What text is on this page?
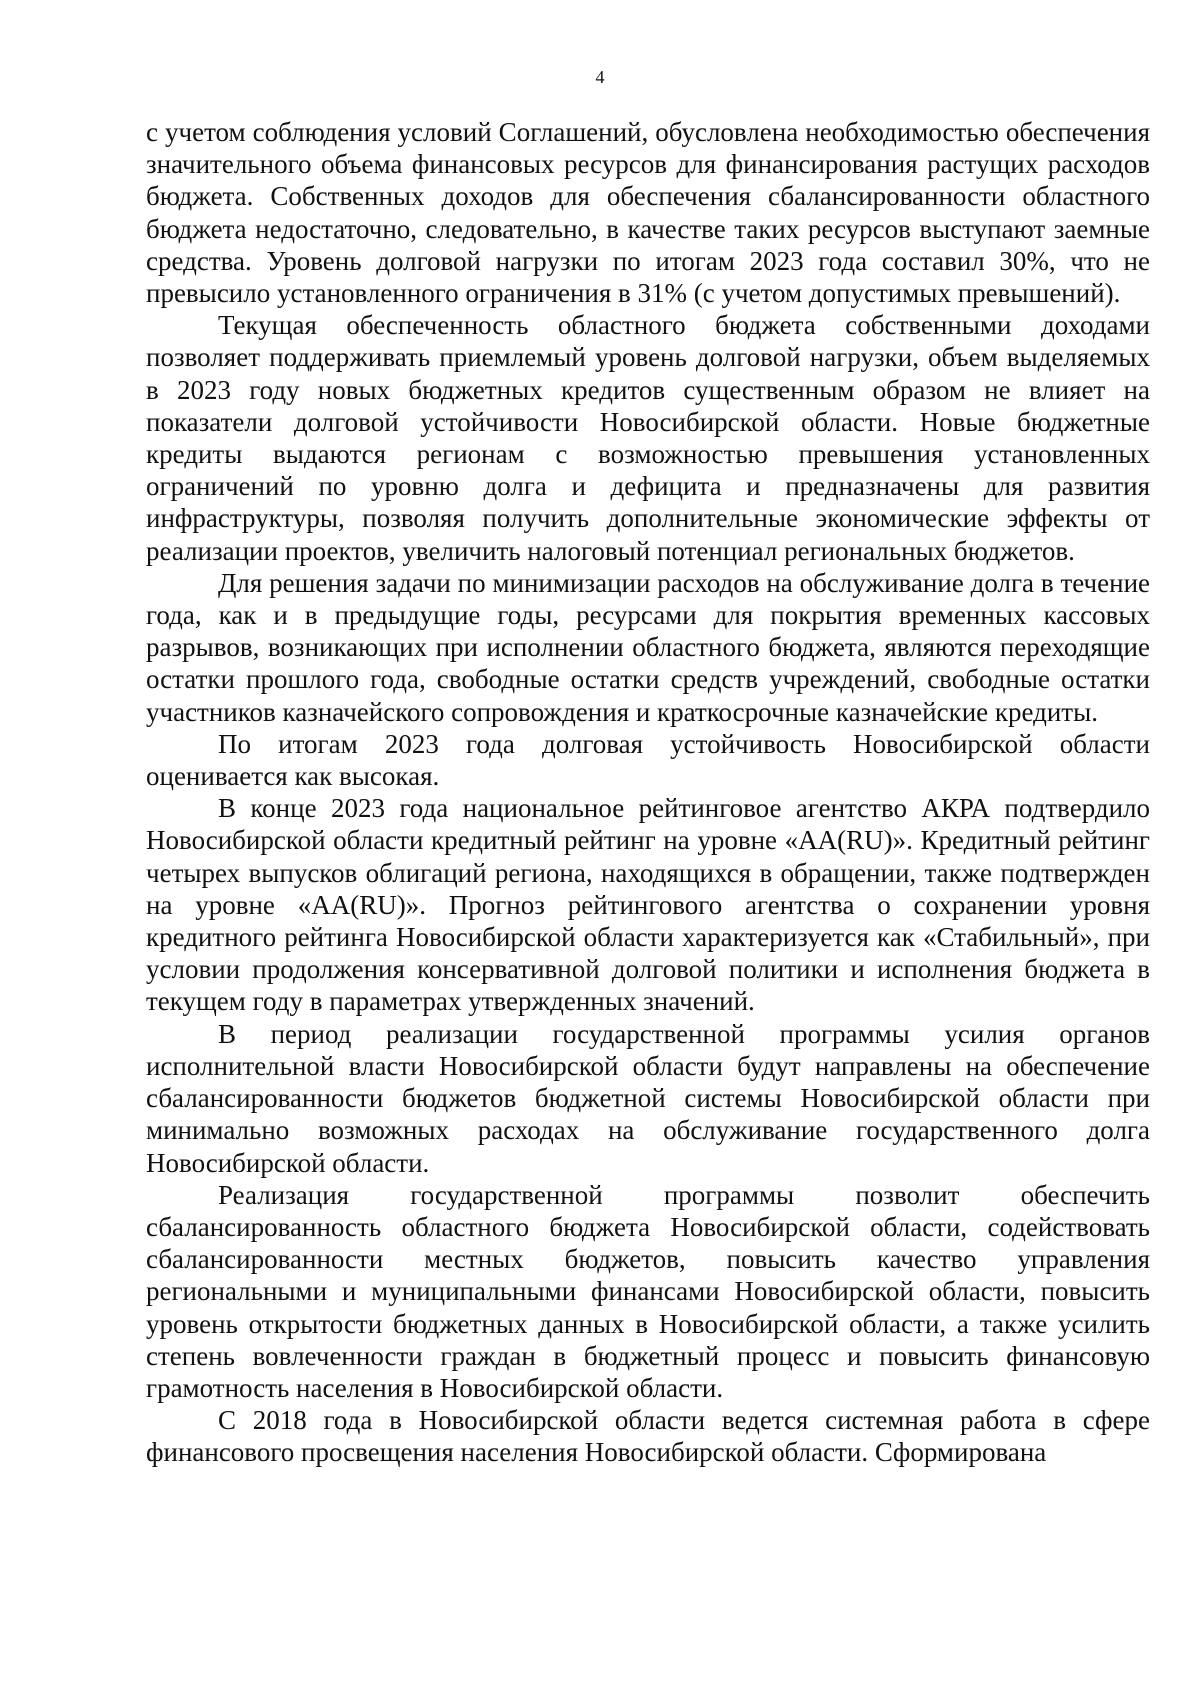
4

с учетом соблюдения условий Соглашений, обусловлена необходимостью обеспечения значительного объема финансовых ресурсов для финансирования растущих расходов бюджета. Собственных доходов для обеспечения сбалансированности областного бюджета недостаточно, следовательно, в качестве таких ресурсов выступают заемные средства. Уровень долговой нагрузки по итогам 2023 года составил 30%, что не превысило установленного ограничения в 31% (с учетом допустимых превышений).

Текущая обеспеченность областного бюджета собственными доходами позволяет поддерживать приемлемый уровень долговой нагрузки, объем выделяемых в 2023 году новых бюджетных кредитов существенным образом не влияет на показатели долговой устойчивости Новосибирской области. Новые бюджетные кредиты выдаются регионам с возможностью превышения установленных ограничений по уровню долга и дефицита и предназначены для развития инфраструктуры, позволяя получить дополнительные экономические эффекты от реализации проектов, увеличить налоговый потенциал региональных бюджетов.

Для решения задачи по минимизации расходов на обслуживание долга в течение года, как и в предыдущие годы, ресурсами для покрытия временных кассовых разрывов, возникающих при исполнении областного бюджета, являются переходящие остатки прошлого года, свободные остатки средств учреждений, свободные остатки участников казначейского сопровождения и краткосрочные казначейские кредиты.

По итогам 2023 года долговая устойчивость Новосибирской области оценивается как высокая.

В конце 2023 года национальное рейтинговое агентство АКРА подтвердило Новосибирской области кредитный рейтинг на уровне «АА(RU)». Кредитный рейтинг четырех выпусков облигаций региона, находящихся в обращении, также подтвержден на уровне «АА(RU)». Прогноз рейтингового агентства о сохранении уровня кредитного рейтинга Новосибирской области характеризуется как «Стабильный», при условии продолжения консервативной долговой политики и исполнения бюджета в текущем году в параметрах утвержденных значений.

В период реализации государственной программы усилия органов исполнительной власти Новосибирской области будут направлены на обеспечение сбалансированности бюджетов бюджетной системы Новосибирской области при минимально возможных расходах на обслуживание государственного долга Новосибирской области.

Реализация государственной программы позволит обеспечить сбалансированность областного бюджета Новосибирской области, содействовать сбалансированности местных бюджетов, повысить качество управления региональными и муниципальными финансами Новосибирской области, повысить уровень открытости бюджетных данных в Новосибирской области, а также усилить степень вовлеченности граждан в бюджетный процесс и повысить финансовую грамотность населения в Новосибирской области.

С 2018 года в Новосибирской области ведется системная работа в сфере финансового просвещения населения Новосибирской области. Сформирована
